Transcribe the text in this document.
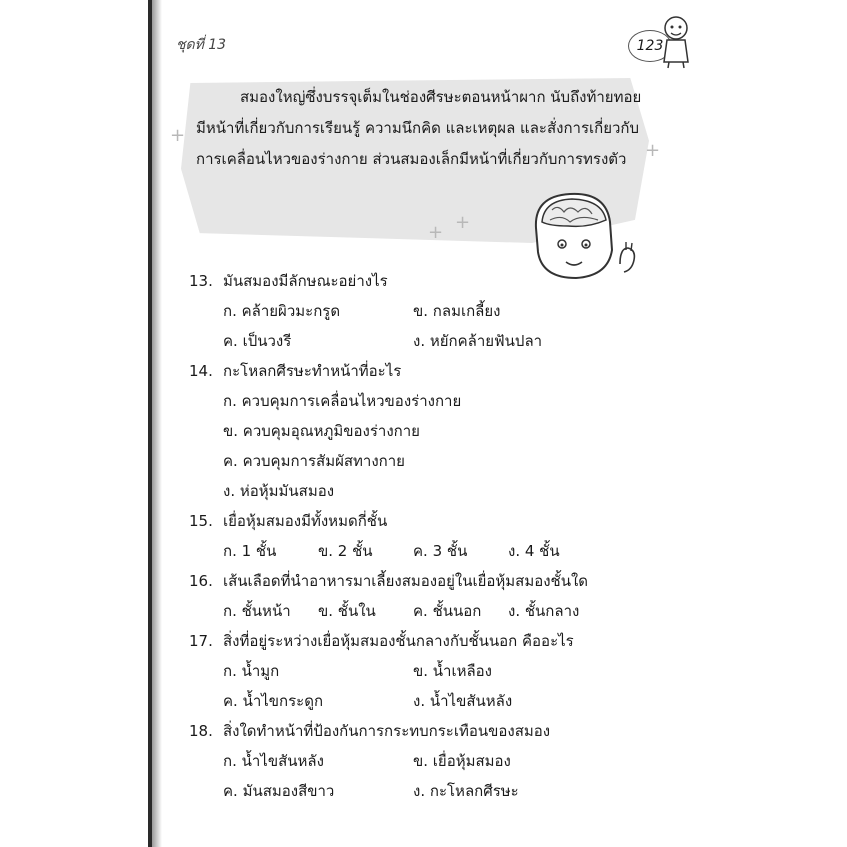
ชุดที่ 13	123
+
+
+ +

สมองใหญ่ซึ่งบรรจุเต็มในช่องศีรษะตอนหน้าผาก นับถึงท้ายทอย มีหน้าที่เกี่ยวกับการเรียนรู้ ความนึกคิด และเหตุผล และสั่งการเกี่ยวกับการเคลื่อนไหวของร่างกาย ส่วนสมองเล็กมีหน้าที่เกี่ยวกับการทรงตัว

13. มันสมองมีลักษณะอย่างไร
ก. คล้ายผิวมะกรูด	ข. กลมเกลี้ยง
ค. เป็นวงรี	ง. หยักคล้ายฟันปลา
14. กะโหลกศีรษะทำหน้าที่อะไร
ก. ควบคุมการเคลื่อนไหวของร่างกาย
ข. ควบคุมอุณหภูมิของร่างกาย
ค. ควบคุมการสัมผัสทางกาย
ง. ห่อหุ้มมันสมอง
15. เยื่อหุ้มสมองมีทั้งหมดกี่ชั้น
ก. 1 ชั้น	ข. 2 ชั้น	ค. 3 ชั้น	ง. 4 ชั้น
16. เส้นเลือดที่นำอาหารมาเลี้ยงสมองอยู่ในเยื่อหุ้มสมองชั้นใด
ก. ชั้นหน้า	ข. ชั้นใน	ค. ชั้นนอก	ง. ชั้นกลาง
17. สิ่งที่อยู่ระหว่างเยื่อหุ้มสมองชั้นกลางกับชั้นนอก คืออะไร
ก. น้ำมูก	ข. น้ำเหลือง
ค. น้ำไขกระดูก	ง. น้ำไขสันหลัง
18. สิ่งใดทำหน้าที่ป้องกันการกระทบกระเทือนของสมอง
ก. น้ำไขสันหลัง	ข. เยื่อหุ้มสมอง
ค. มันสมองสีขาว	ง. กะโหลกศีรษะ
